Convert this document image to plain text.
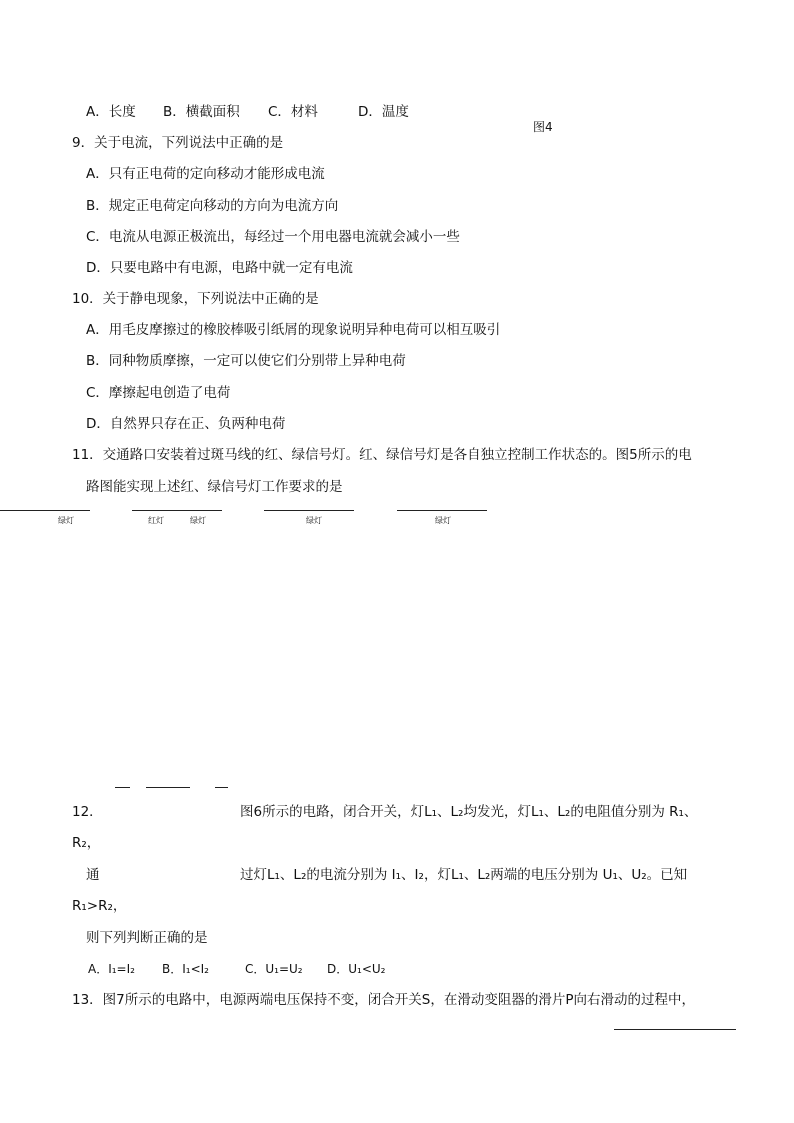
A．长度 B．横截面积 C．材料	D．温度
图4
9．关于电流，下列说法中正确的是
A．只有正电荷的定向移动才能形成电流
B．规定正电荷定向移动的方向为电流方向
C．电流从电源正极流出，每经过一个用电器电流就会减小一些
D．只要电路中有电源，电路中就一定有电流
10．关于静电现象，下列说法中正确的是
A．用毛皮摩擦过的橡胶棒吸引纸屑的现象说明异种电荷可以相互吸引
B．同种物质摩擦，一定可以使它们分别带上异种电荷
C．摩擦起电创造了电荷
D．自然界只存在正、负两种电荷
11．交通路口安装着过斑马线的红、绿信号灯。红、绿信号灯是各自独立控制工作状态的。图5所示的电
路图能实现上述红、绿信号灯工作要求的是
绿灯	红灯	绿灯	绿灯	绿灯
12．	图6所示的电路，闭合开关，灯L₁、L₂均发光，灯L₁、L₂的电阻值分别为 R₁、
R₂，
通	过灯L₁、L₂的电流分别为 I₁、I₂，灯L₁、L₂两端的电压分别为 U₁、U₂。已知
R₁>R₂，
则下列判断正确的是
A．I₁=I₂ B．I₁<I₂	C．U₁=U₂ D．U₁<U₂
13．图7所示的电路中，电源两端电压保持不变，闭合开关S，在滑动变阻器的滑片P向右滑动的过程中，
